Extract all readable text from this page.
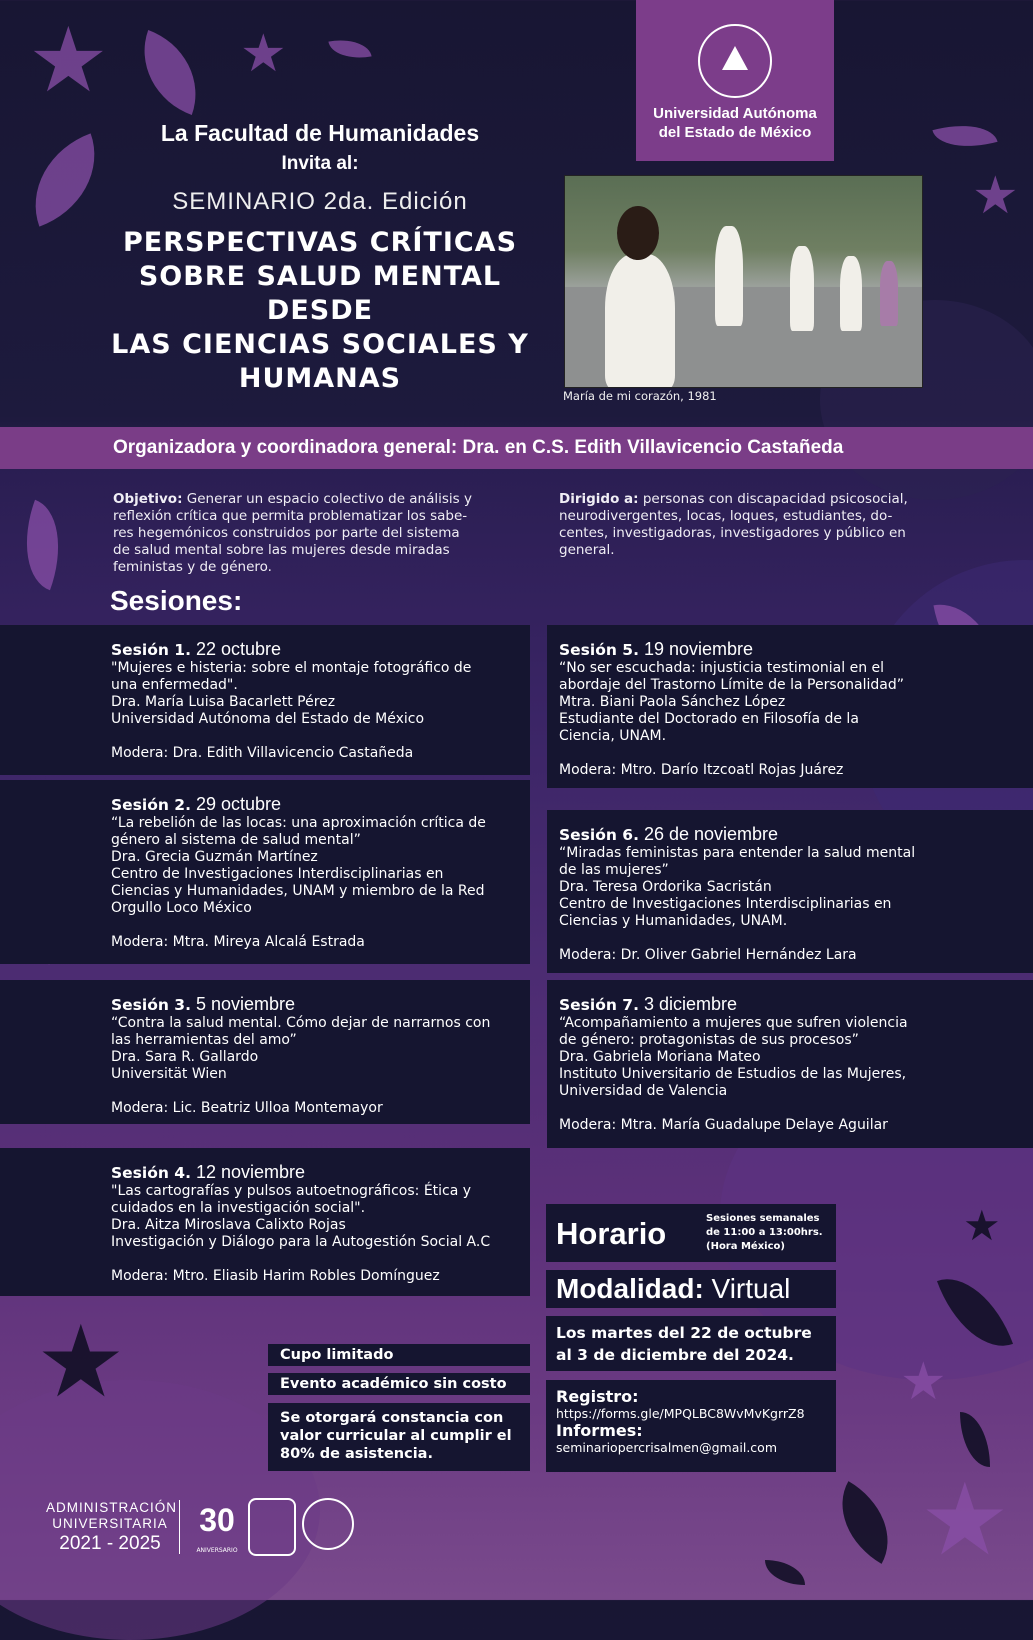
★	★
★
★
★	★
★
La Facultad de Humanidades
Invita al:
SEMINARIO 2da. Edición
PERSPECTIVAS CRÍTICAS
SOBRE SALUD MENTAL
DESDE
LAS CIENCIAS SOCIALES Y
HUMANAS
Universidad Autónoma
del Estado de México
María de mi corazón, 1981
Organizadora y coordinadora general: Dra. en C.S. Edith Villavicencio Castañeda
Objetivo: Generar un espacio colectivo de análisis y
reflexión crítica que permita problematizar los sabe-
res hegemónicos construidos por parte del sistema
de salud mental sobre las mujeres desde miradas
feministas y de género.
Dirigido a: personas con discapacidad psicosocial,
neurodivergentes, locas, loques, estudiantes, do-
centes, investigadoras, investigadores y público en
general.
Sesiones:
Sesión 1. 22 octubre
"Mujeres e histeria: sobre el montaje fotográfico de
una enfermedad".
Dra. María Luisa Bacarlett Pérez
Universidad Autónoma del Estado de México
Modera: Dra. Edith Villavicencio Castañeda
Sesión 2. 29 octubre
“La rebelión de las locas: una aproximación crítica de
género al sistema de salud mental”
Dra. Grecia Guzmán Martínez
Centro de Investigaciones Interdisciplinarias en
Ciencias y Humanidades, UNAM y miembro de la Red
Orgullo Loco México
Modera: Mtra. Mireya Alcalá Estrada
Sesión 3. 5 noviembre
“Contra la salud mental. Cómo dejar de narrarnos con
las herramientas del amo”
Dra. Sara R. Gallardo
Universität Wien
Modera: Lic. Beatriz Ulloa Montemayor
Sesión 4. 12 noviembre
"Las cartografías y pulsos autoetnográficos: Ética y
cuidados en la investigación social".
Dra. Aitza Miroslava Calixto Rojas
Investigación y Diálogo para la Autogestión Social A.C
Modera: Mtro. Eliasib Harim Robles Domínguez
Sesión 5. 19 noviembre
“No ser escuchada: injusticia testimonial en el
abordaje del Trastorno Límite de la Personalidad”
Mtra. Biani Paola Sánchez López
Estudiante del Doctorado en Filosofía de la
Ciencia, UNAM.
Modera: Mtro. Darío Itzcoatl Rojas Juárez
Sesión 6. 26 de noviembre
“Miradas feministas para entender la salud mental
de las mujeres”
Dra. Teresa Ordorika Sacristán
Centro de Investigaciones Interdisciplinarias en
Ciencias y Humanidades, UNAM.
Modera: Dr. Oliver Gabriel Hernández Lara
Sesión 7. 3 diciembre
“Acompañamiento a mujeres que sufren violencia
de género: protagonistas de sus procesos”
Dra. Gabriela Moriana Mateo
Instituto Universitario de Estudios de las Mujeres,
Universidad de Valencia
Modera: Mtra. María Guadalupe Delaye Aguilar
Horario	Sesiones semanales
de 11:00 a 13:00hrs.
(Hora México)
Modalidad: Virtual
Los martes del 22 de octubre
al 3 de diciembre del 2024.
Registro:
https://forms.gle/MPQLBC8WvMvKgrrZ8
Informes:
seminariopercrisalmen@gmail.com
Cupo limitado
Evento académico sin costo
Se otorgará constancia con
valor curricular al cumplir el
80% de asistencia.
ADMINISTRACIÓN
UNIVERSITARIA
2021 - 2025
30
ANIVERSARIO
